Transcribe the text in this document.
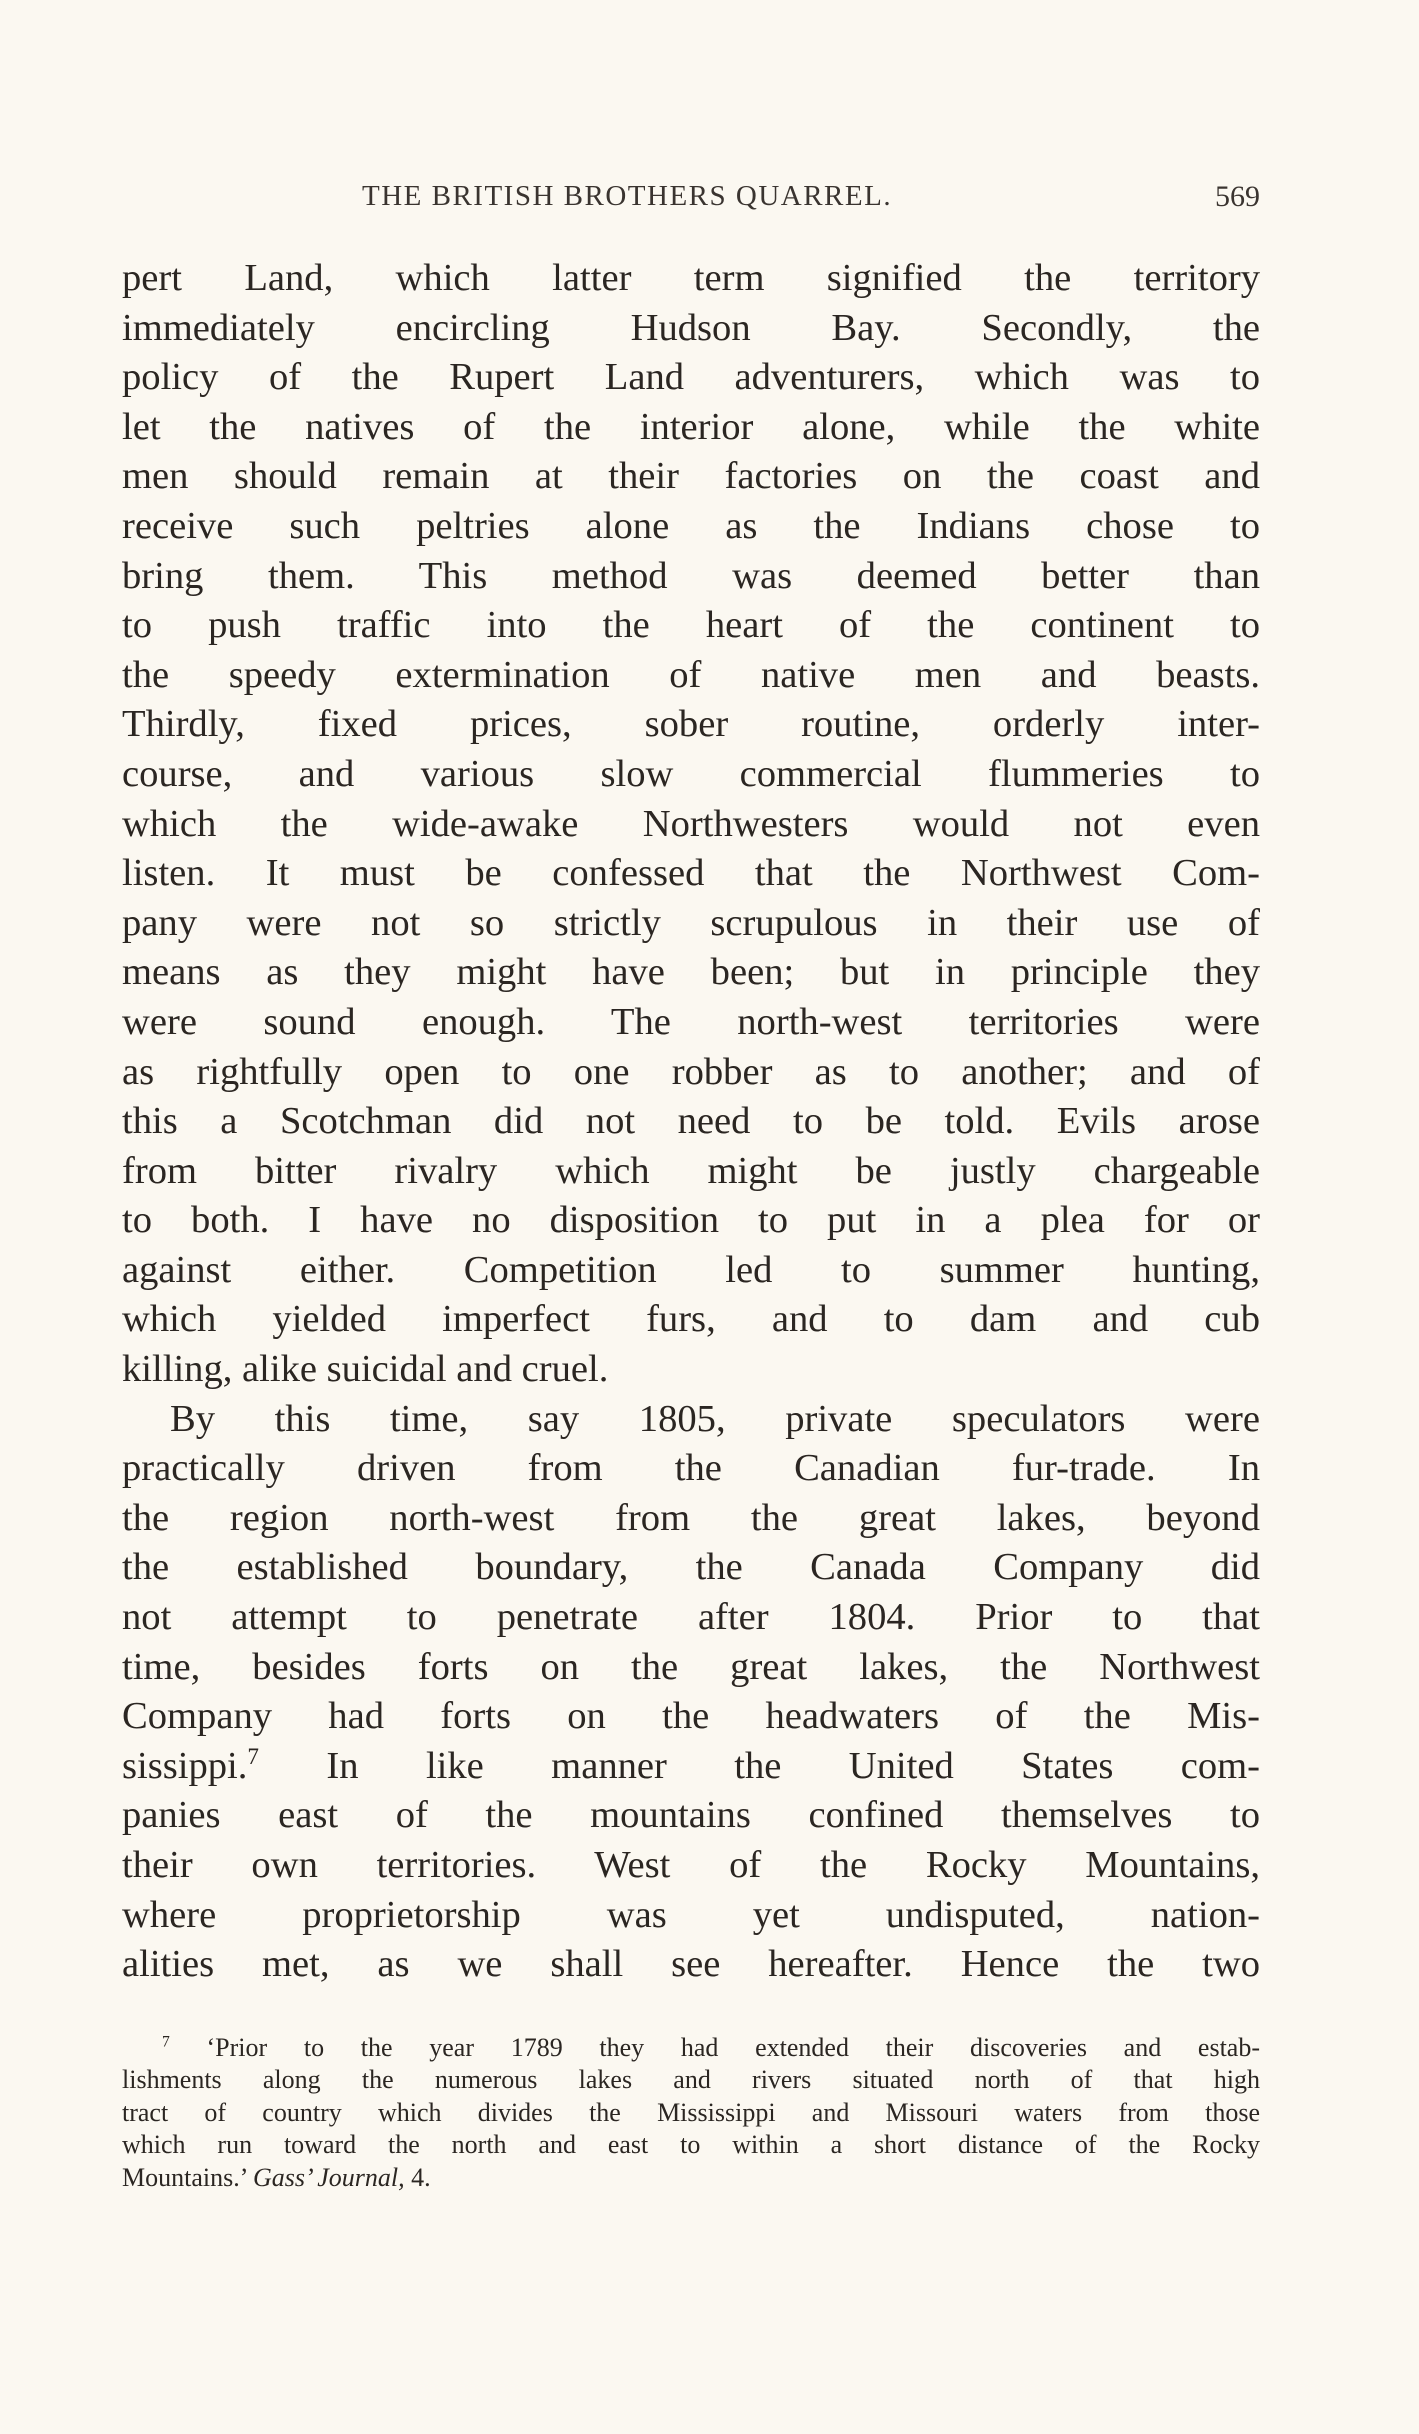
THE BRITISH BROTHERS QUARREL.	569
pert Land, which latter term signified the territory
immediately encircling Hudson Bay. Secondly, the
policy of the Rupert Land adventurers, which was to
let the natives of the interior alone, while the white
men should remain at their factories on the coast and
receive such peltries alone as the Indians chose to
bring them. This method was deemed better than
to push traffic into the heart of the continent to
the speedy extermination of native men and beasts.
Thirdly, fixed prices, sober routine, orderly inter-
course, and various slow commercial flummeries to
which the wide-awake Northwesters would not even
listen. It must be confessed that the Northwest Com-
pany were not so strictly scrupulous in their use of
means as they might have been; but in principle they
were sound enough. The north-west territories were
as rightfully open to one robber as to another; and of
this a Scotchman did not need to be told. Evils arose
from bitter rivalry which might be justly chargeable
to both. I have no disposition to put in a plea for or
against either. Competition led to summer hunting,
which yielded imperfect furs, and to dam and cub
killing, alike suicidal and cruel.
By this time, say 1805, private speculators were
practically driven from the Canadian fur-trade. In
the region north-west from the great lakes, beyond
the established boundary, the Canada Company did
not attempt to penetrate after 1804. Prior to that
time, besides forts on the great lakes, the Northwest
Company had forts on the headwaters of the Mis-
sissippi.$^7$ In like manner the United States com-
panies east of the mountains confined themselves to
their own territories. West of the Rocky Mountains,
where proprietorship was yet undisputed, nation-
alities met, as we shall see hereafter. Hence the two
$^7$ ‘Prior to the year 1789 they had extended their discoveries and estab-
lishments along the numerous lakes and rivers situated north of that high
tract of country which divides the Mississippi and Missouri waters from those
which run toward the north and east to within a short distance of the Rocky
Mountains.’ Gass’ Journal, 4.
